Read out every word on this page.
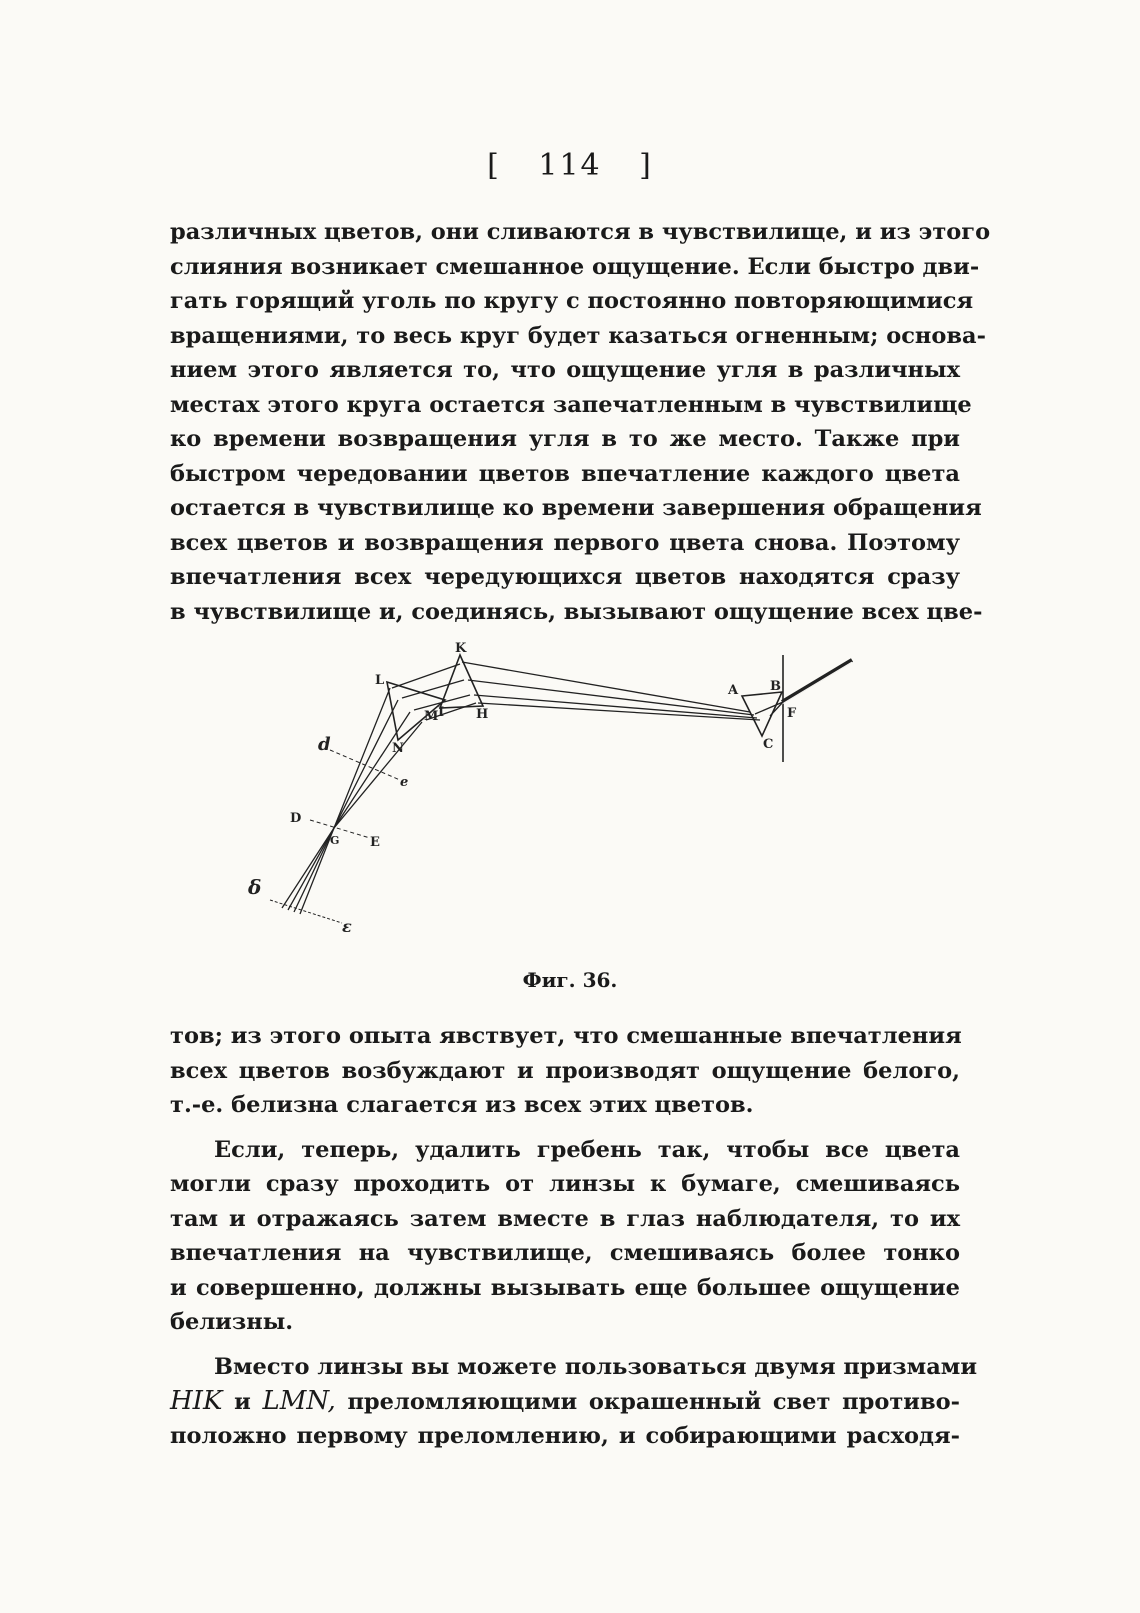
[ 114 ]
различных цветов, они сливаются в чувствилище, и из этого
слияния возникает смешанное ощущение. Если быстро дви-
гать горящий уголь по кругу с постоянно повторяющимися
вращениями, то весь круг будет казаться огненным; основа-
нием этого является то, что ощущение угля в различных
местах этого круга остается запечатленным в чувствилище
ко времени возвращения угля в то же место. Также при
быстром чередовании цветов впечатление каждого цвета
остается в чувствилище ко времени завершения обращения
всех цветов и возвращения первого цвета снова. Поэтому
впечатления всех чередующихся цветов находятся сразу
в чувствилище и, соединясь, вызывают ощущение всех цве-
K
L
M
N
I H
A B
C
F
d
e
D
G E
δ
ε
Фиг. 36.
тов; из этого опыта явствует, что смешанные впечатления
всех цветов возбуждают и производят ощущение белого,
т.-е. белизна слагается из всех этих цветов.
Если, теперь, удалить гребень так, чтобы все цвета
могли сразу проходить от линзы к бумаге, смешиваясь
там и отражаясь затем вместе в глаз наблюдателя, то их
впечатления на чувствилище, смешиваясь более тонко
и совершенно, должны вызывать еще большее ощущение
белизны.
Вместо линзы вы можете пользоваться двумя призмами
HIK и LMN, преломляющими окрашенный свет противо-
положно первому преломлению, и собирающими расходя-
